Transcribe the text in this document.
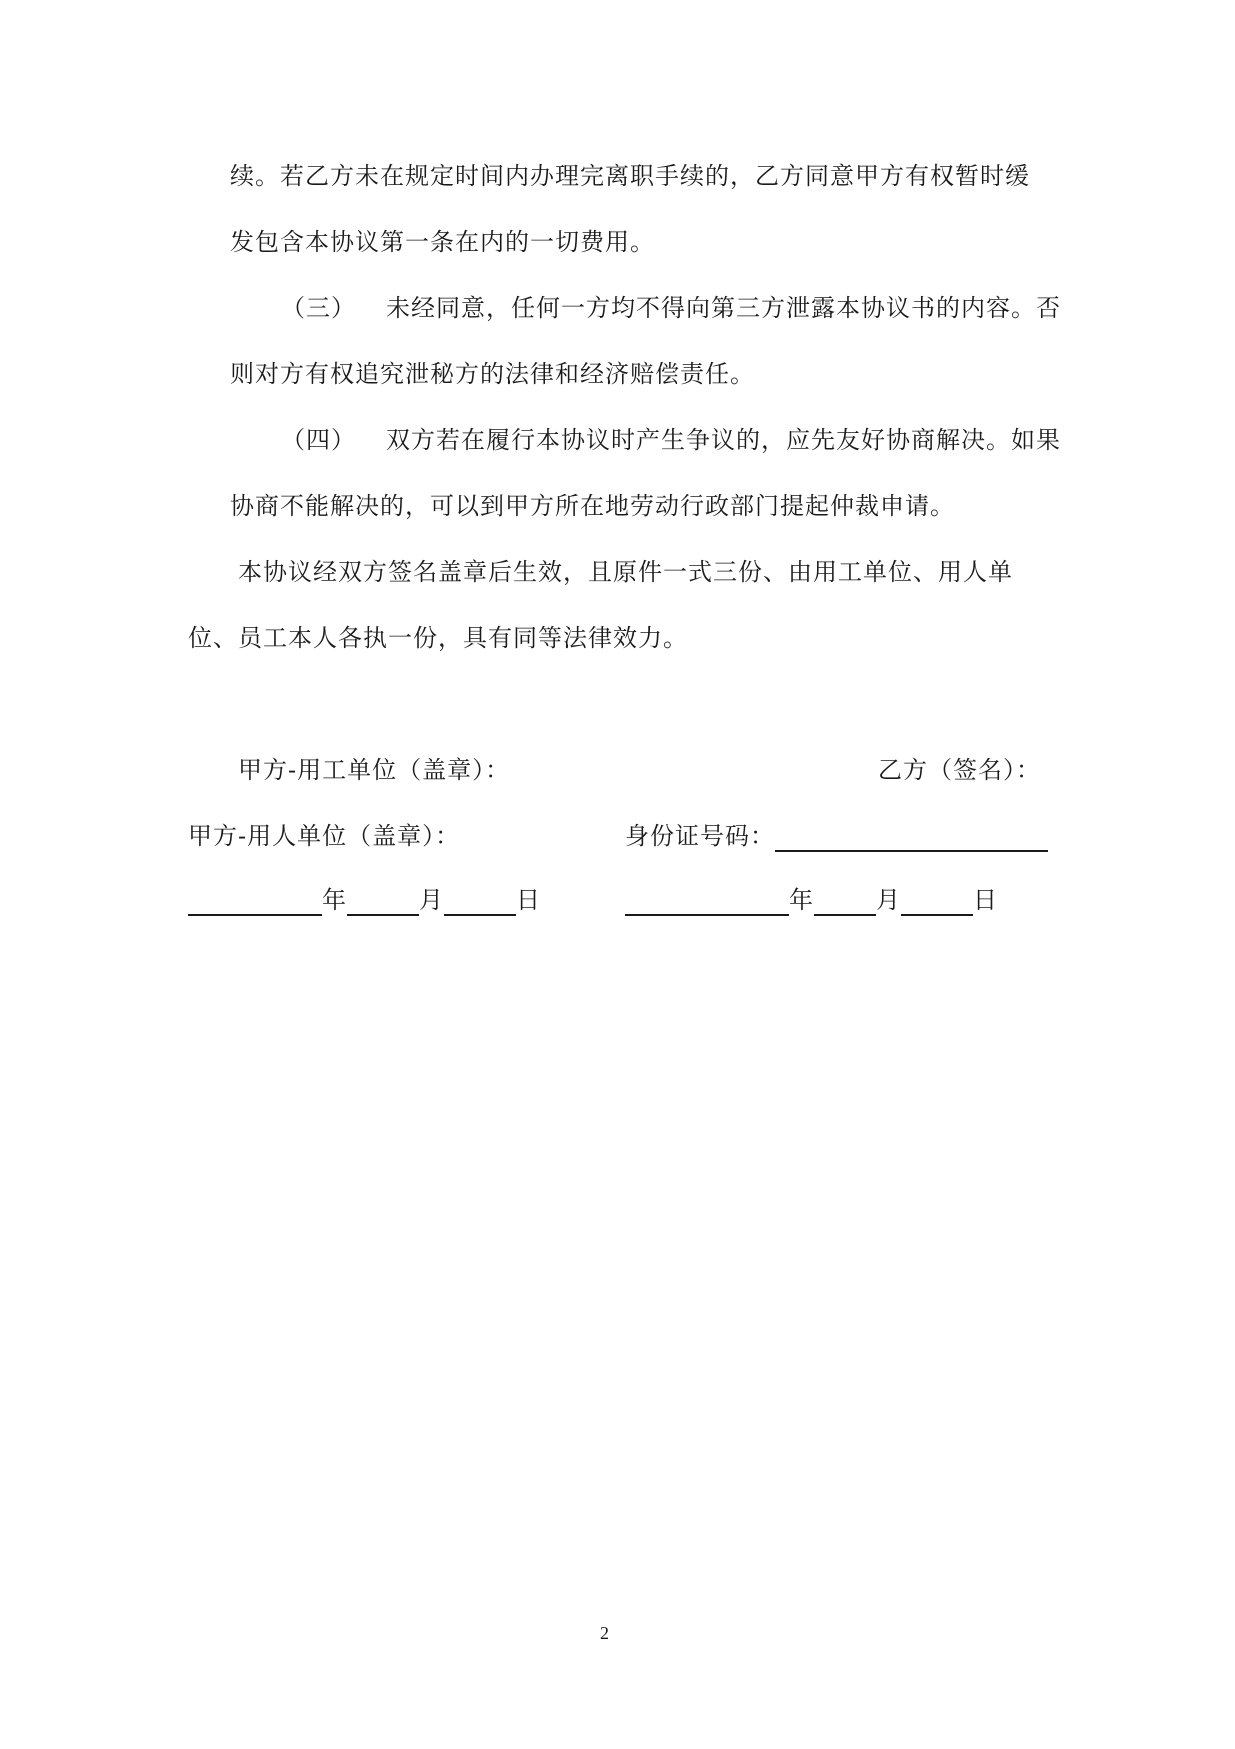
续。若乙方未在规定时间内办理完离职手续的，乙方同意甲方有权暂时缓
发包含本协议第一条在内的一切费用。
（三） 未经同意，任何一方均不得向第三方泄露本协议书的内容。否
则对方有权追究泄秘方的法律和经济赔偿责任。
（四） 双方若在履行本协议时产生争议的，应先友好协商解决。如果
协商不能解决的，可以到甲方所在地劳动行政部门提起仲裁申请。
本协议经双方签名盖章后生效，且原件一式三份、由用工单位、用人单
位、员工本人各执一份，具有同等法律效力。
甲方-用工单位（盖章）：	乙方（签名）：
甲方-用人单位（盖章）：	身份证号码：
年	月	日	年	月	日
2
